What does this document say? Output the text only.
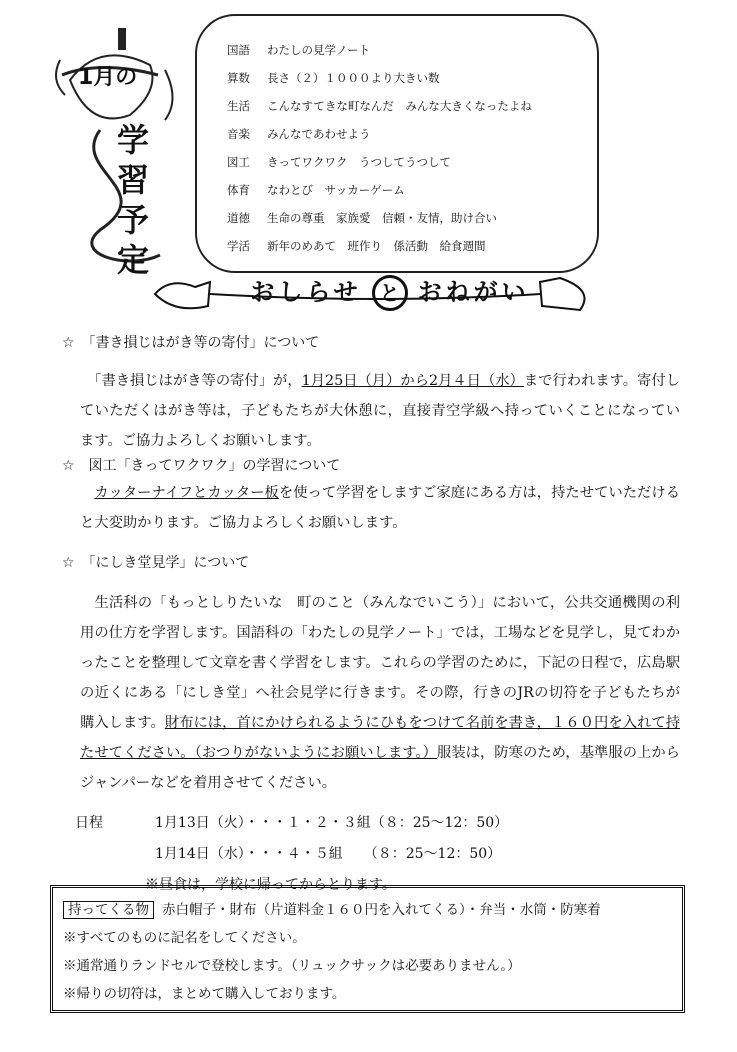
1月の
学
習
予
定
国語 わたしの見学ノート
算数 長さ（２）１０００より大きい数
生活 こんなすてきな町なんだ　みんな大きくなったよね
音楽 みんなであわせよう
図工 きってワクワク　うつしてうつして
体育 なわとび　サッカーゲーム
道徳 生命の尊重　家族愛　信頼・友情，助け合い
学活 新年のめあて　班作り　係活動　給食週間
おしらせ と おねがい
☆　「書き損じはがき等の寄付」について

　「書き損じはがき等の寄付」が，1月25日（月）から2月４日（水）まで行われます。寄付していただくはがき等は，子どもたちが大休憩に，直接青空学級へ持っていくことになっています。ご協力よろしくお願いします。

☆　図工「きってワクワク」の学習について

　カッターナイフとカッター板を使って学習をしますご家庭にある方は，持たせていただけると大変助かります。ご協力よろしくお願いします。

☆　「にしき堂見学」について

　生活科の「もっとしりたいな　町のこと（みんなでいこう）」において，公共交通機関の利用の仕方を学習します。国語科の「わたしの見学ノート」では，工場などを見学し，見てわかったことを整理して文章を書く学習をします。これらの学習のために，下記の日程で，広島駅の近くにある「にしき堂」へ社会見学に行きます。その際，行きのJRの切符を子どもたちが購入します。財布には，首にかけられるようにひもをつけて名前を書き，１６０円を入れて持たせてください。（おつりがないようにお願いします。）服装は，防寒のため，基準服の上からジャンパーなどを着用させてください。

日程	1月13日（火）・・・１・２・３組（８：25〜12：50）
1月14日（水）・・・４・５組　　（８：25〜12：50）
※昼食は，学校に帰ってからとります。
持ってくる物 赤白帽子・財布（片道料金１６０円を入れてくる）・弁当・水筒・防寒着
※すべてのものに記名をしてください。
※通常通りランドセルで登校します。（リュックサックは必要ありません。）
※帰りの切符は，まとめて購入しております。
